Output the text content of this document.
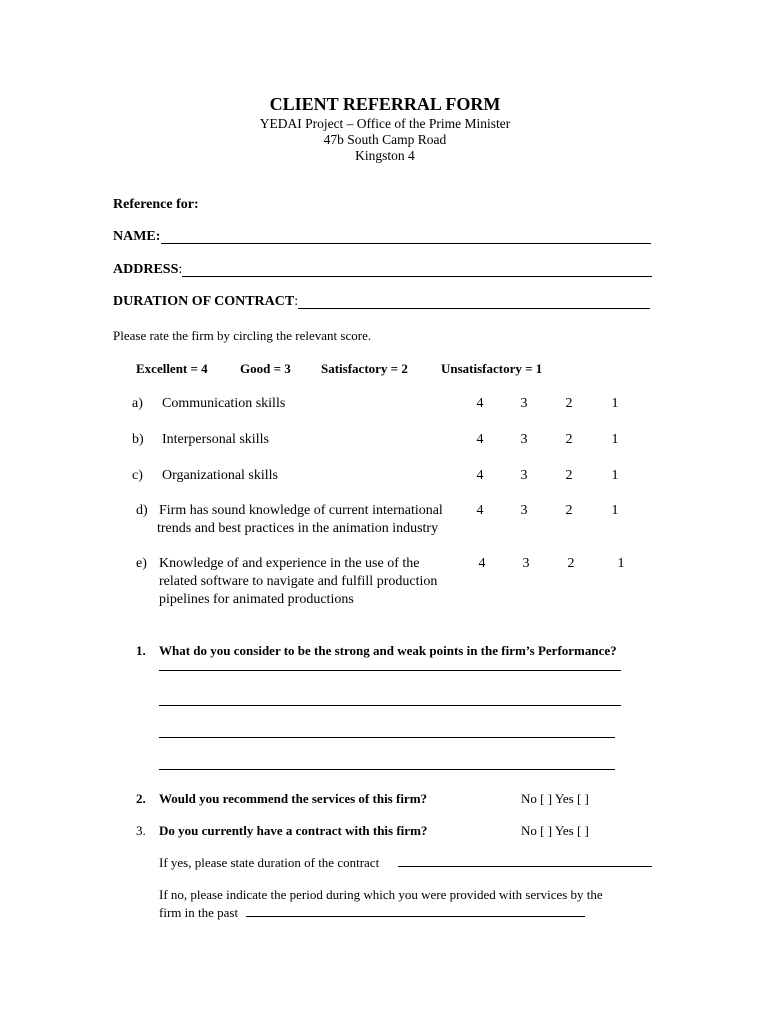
CLIENT REFERRAL FORM
YEDAI Project – Office of the Prime Minister
47b South Camp Road
Kingston 4
Reference for:
NAME:
ADDRESS:
DURATION OF CONTRACT:
Please rate the firm by circling the relevant score.
Excellent = 4 Good = 3 Satisfactory = 2	Unsatisfactory = 1
a) Communication skills	4	3	2	1
b) Interpersonal skills	4	3	2	1
c) Organizational skills	4	3	2	1
d) Firm has sound knowledge of current international
trends and best practices in the animation industry
4	3	2	1
e) Knowledge of and experience in the use of the
related software to navigate and fulfill production
pipelines for animated productions
4	3	2	1
1. What do you consider to be the strong and weak points in the firm’s Performance?
2. Would you recommend the services of this firm?	No [ ] Yes [ ]
3. Do you currently have a contract with this firm?	No [ ] Yes [ ]
If yes, please state duration of the contract
If no, please indicate the period during which you were provided with services by the
firm in the past
